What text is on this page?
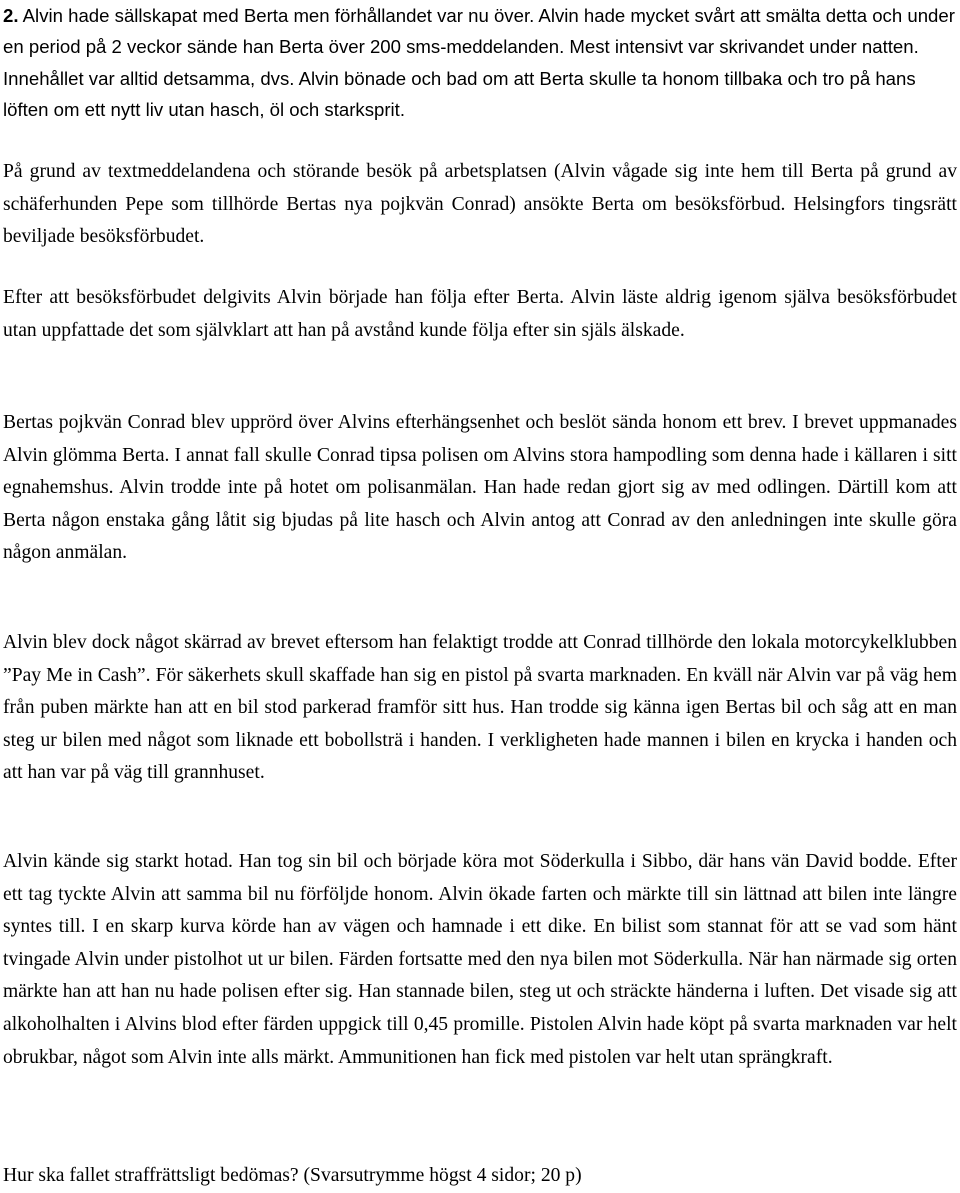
2. Alvin hade sällskapat med Berta men förhållandet var nu över. Alvin hade mycket svårt att smälta detta och under en period på 2 veckor sände han Berta över 200 sms-meddelanden. Mest intensivt var skrivandet under natten. Innehållet var alltid detsamma, dvs. Alvin bönade och bad om att Berta skulle ta honom tillbaka och tro på hans löften om ett nytt liv utan hasch, öl och starksprit.

På grund av textmeddelandena och störande besök på arbetsplatsen (Alvin vågade sig inte hem till Berta på grund av schäferhunden Pepe som tillhörde Bertas nya pojkvän Conrad) ansökte Berta om besöksförbud. Helsingfors tingsrätt beviljade besöksförbudet.

Efter att besöksförbudet delgivits Alvin började han följa efter Berta. Alvin läste aldrig igenom själva besöksförbudet utan uppfattade det som självklart att han på avstånd kunde följa efter sin själs älskade.

Bertas pojkvän Conrad blev upprörd över Alvins efterhängsenhet och beslöt sända honom ett brev. I brevet uppmanades Alvin glömma Berta. I annat fall skulle Conrad tipsa polisen om Alvins stora hampodling som denna hade i källaren i sitt egnahemshus. Alvin trodde inte på hotet om polisanmälan. Han hade redan gjort sig av med odlingen. Därtill kom att Berta någon enstaka gång låtit sig bjudas på lite hasch och Alvin antog att Conrad av den anledningen inte skulle göra någon anmälan.

Alvin blev dock något skärrad av brevet eftersom han felaktigt trodde att Conrad tillhörde den lokala motorcykelklubben ”Pay Me in Cash”. För säkerhets skull skaffade han sig en pistol på svarta marknaden. En kväll när Alvin var på väg hem från puben märkte han att en bil stod parkerad framför sitt hus. Han trodde sig känna igen Bertas bil och såg att en man steg ur bilen med något som liknade ett bobollsträ i handen. I verkligheten hade mannen i bilen en krycka i handen och att han var på väg till grannhuset.

Alvin kände sig starkt hotad. Han tog sin bil och började köra mot Söderkulla i Sibbo, där hans vän David bodde. Efter ett tag tyckte Alvin att samma bil nu förföljde honom. Alvin ökade farten och märkte till sin lättnad att bilen inte längre syntes till. I en skarp kurva körde han av vägen och hamnade i ett dike. En bilist som stannat för att se vad som hänt tvingade Alvin under pistolhot ut ur bilen. Färden fortsatte med den nya bilen mot Söderkulla. När han närmade sig orten märkte han att han nu hade polisen efter sig. Han stannade bilen, steg ut och sträckte händerna i luften. Det visade sig att alkoholhalten i Alvins blod efter färden uppgick till 0,45 promille. Pistolen Alvin hade köpt på svarta marknaden var helt obrukbar, något som Alvin inte alls märkt. Ammunitionen han fick med pistolen var helt utan sprängkraft.

Hur ska fallet straffrättsligt bedömas? (Svarsutrymme högst 4 sidor; 20 p)
